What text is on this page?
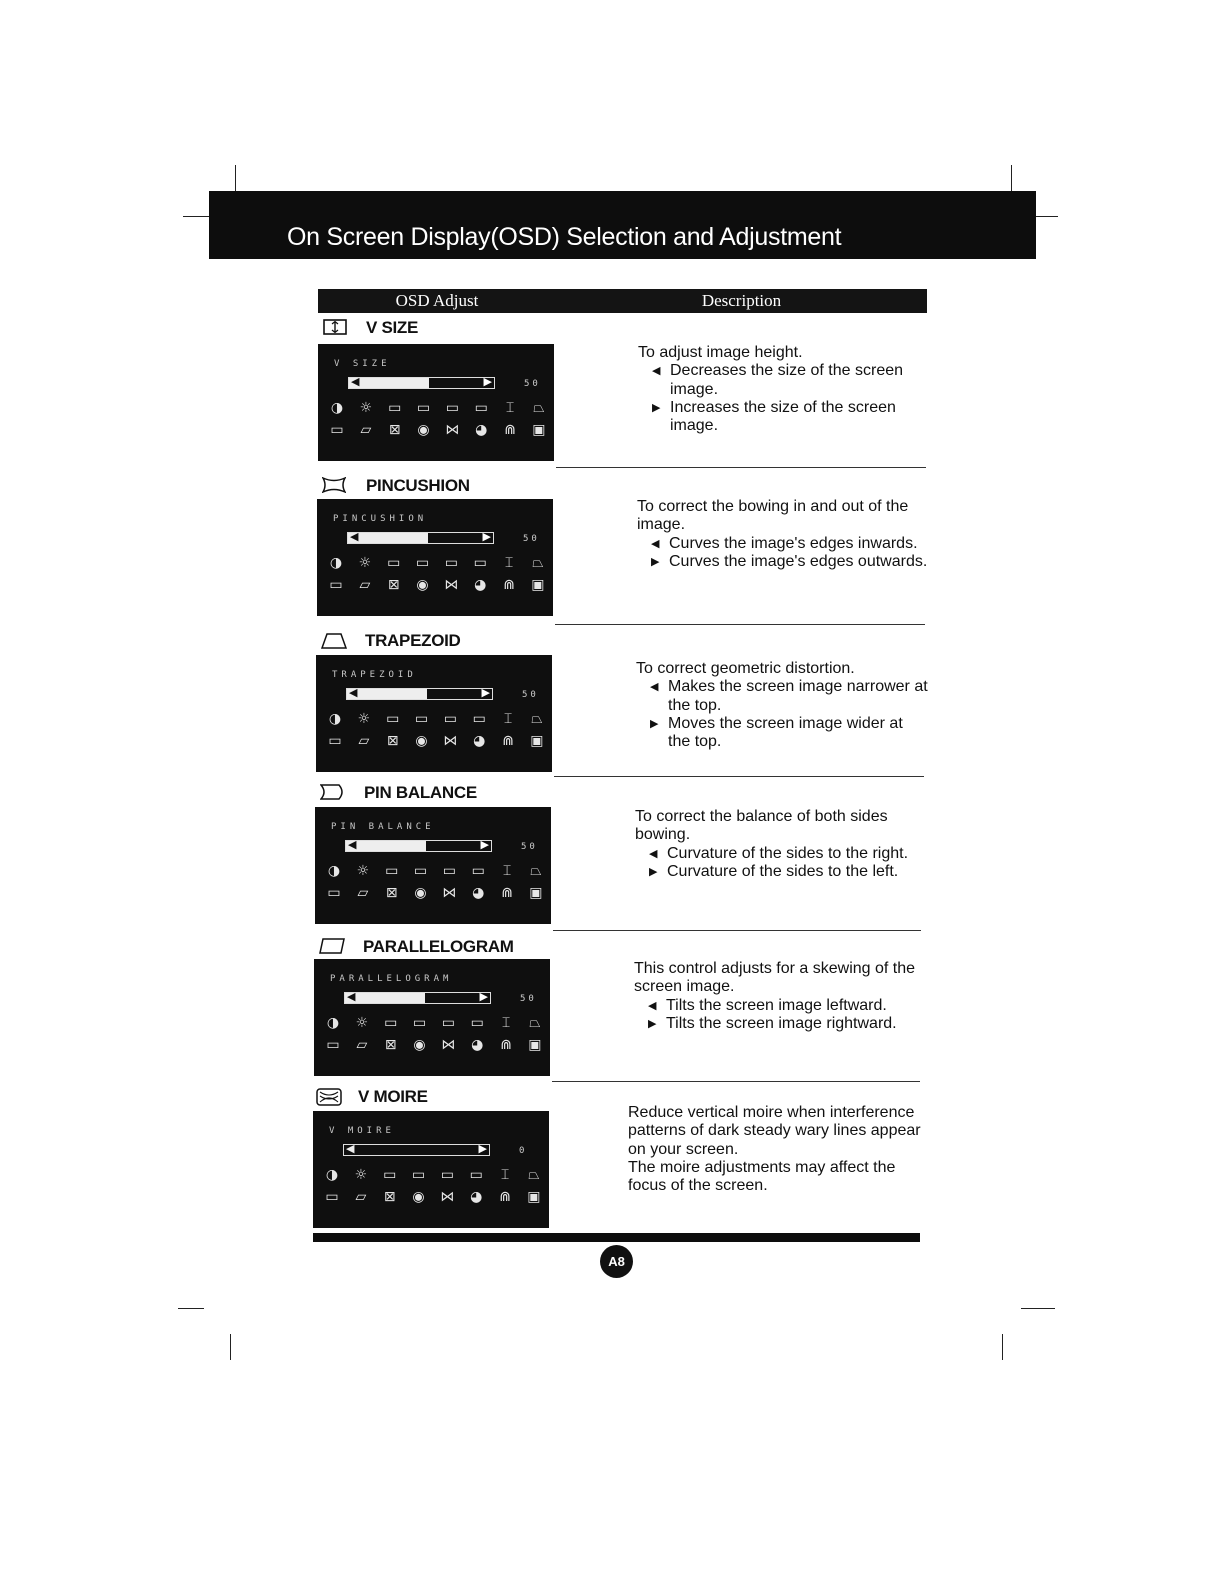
On Screen Display(OSD) Selection and Adjustment
OSD Adjust	Description
A8
V SIZE
V SIZE
◀	▶	50
◑	☼	▭	▭	▭	▭	⌶	⏢
▭	▱	⊠	◉	⋈	◕	⋒	▣

To adjust image height.

◀ Decreases the size of the screen image.

▶ Increases the size of the screen image.

PINCUSHION
PINCUSHION
◀	▶	50
◑	☼	▭	▭	▭	▭	⌶	⏢
▭	▱	⊠	◉	⋈	◕	⋒	▣

To correct the bowing in and out of the image.

◀ Curves the image's edges inwards.

▶ Curves the image's edges outwards.

TRAPEZOID
TRAPEZOID
◀	▶	50
◑	☼	▭	▭	▭	▭	⌶	⏢
▭	▱	⊠	◉	⋈	◕	⋒	▣

To correct geometric distortion.

◀ Makes the screen image narrower at the top.

▶ Moves the screen image wider at the top.

PIN BALANCE
PIN BALANCE
◀	▶	50
◑	☼	▭	▭	▭	▭	⌶	⏢
▭	▱	⊠	◉	⋈	◕	⋒	▣

To correct the balance of both sides bowing.

◀ Curvature of the sides to the right.

▶ Curvature of the sides to the left.

PARALLELOGRAM
PARALLELOGRAM
◀	▶	50
◑	☼	▭	▭	▭	▭	⌶	⏢
▭	▱	⊠	◉	⋈	◕	⋒	▣

This control adjusts for a skewing of the screen image.

◀ Tilts the screen image leftward.

▶ Tilts the screen image rightward.

V MOIRE
V MOIRE
◀	▶	0
◑	☼	▭	▭	▭	▭	⌶	⏢
▭	▱	⊠	◉	⋈	◕	⋒	▣

Reduce vertical moire when interference patterns of dark steady wary lines appear on your screen.

The moire adjustments may affect the focus of the screen.
